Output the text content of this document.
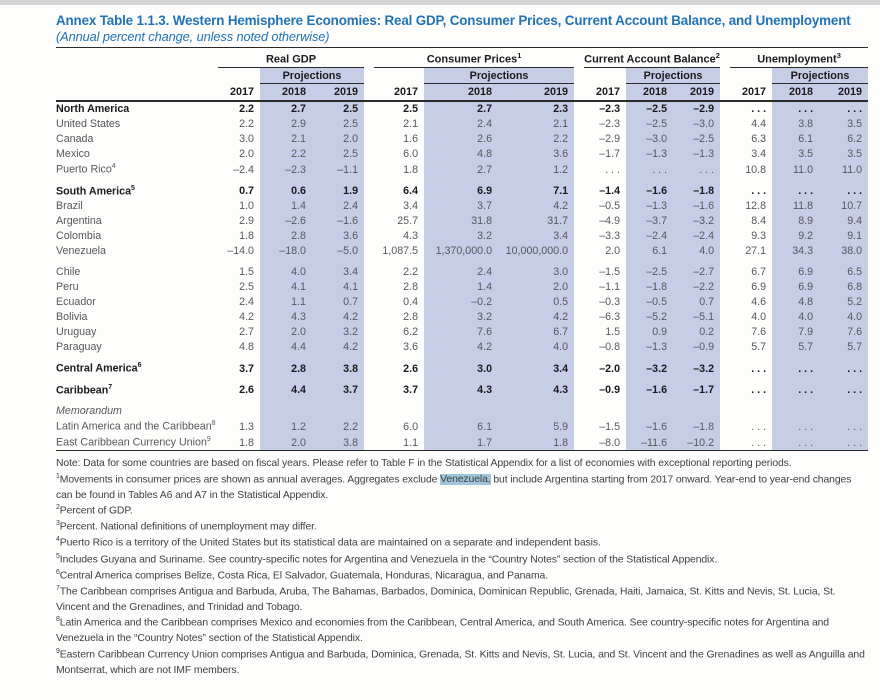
Annex Table 1.1.3. Western Hemisphere Economies: Real GDP, Consumer Prices, Current Account Balance, and Unemployment
(Annual percent change, unless noted otherwise)
		Real GDP				Consumer Prices$^1$				Current Account Balance$^2$				Unemployment$^3$
			Projections				Projections				Projections				Projections	
		2017	2018	2019		2017	2018	2019		2017	2018	2019		2017	2018	2019
North America		2.2	2.7	2.5		2.5	2.7	2.3		–2.3	–2.5	–2.9		. . .	. . .	. . .
United States		2.2	2.9	2.5		2.1	2.4	2.1		–2.3	–2.5	–3.0		4.4	3.8	3.5
Canada		3.0	2.1	2.0		1.6	2.6	2.2		–2.9	–3.0	–2.5		6.3	6.1	6.2
Mexico		2.0	2.2	2.5		6.0	4.8	3.6		–1.7	–1.3	–1.3		3.4	3.5	3.5
Puerto Rico$^4$		–2.4	–2.3	–1.1		1.8	2.7	1.2		. . .	. . .	. . .		10.8	11.0	11.0

South America$^5$		0.7	0.6	1.9		6.4	6.9	7.1		–1.4	–1.6	–1.8		. . .	. . .	. . .
Brazil		1.0	1.4	2.4		3.4	3.7	4.2		–0.5	–1.3	–1.6		12.8	11.8	10.7
Argentina		2.9	–2.6	–1.6		25.7	31.8	31.7		–4.9	–3.7	–3.2		8.4	8.9	9.4
Colombia		1.8	2.8	3.6		4.3	3.2	3.4		–3.3	–2.4	–2.4		9.3	9.2	9.1
Venezuela		–14.0	–18.0	–5.0		1,087.5	1,370,000.0	10,000,000.0		2.0	6.1	4.0		27.1	34.3	38.0

Chile		1.5	4.0	3.4		2.2	2.4	3.0		–1.5	–2.5	–2.7		6.7	6.9	6.5
Peru		2.5	4.1	4.1		2.8	1.4	2.0		–1.1	–1.8	–2.2		6.9	6.9	6.8
Ecuador		2.4	1.1	0.7		0.4	–0.2	0.5		–0.3	–0.5	0.7		4.6	4.8	5.2
Bolivia		4.2	4.3	4.2		2.8	3.2	4.2		–6.3	–5.2	–5.1		4.0	4.0	4.0
Uruguay		2.7	2.0	3.2		6.2	7.6	6.7		1.5	0.9	0.2		7.6	7.9	7.6
Paraguay		4.8	4.4	4.2		3.6	4.2	4.0		–0.8	–1.3	–0.9		5.7	5.7	5.7

Central America$^6$		3.7	2.8	3.8		2.6	3.0	3.4		–2.0	–3.2	–3.2		. . .	. . .	. . .

Caribbean$^7$		2.6	4.4	3.7		3.7	4.3	4.3		–0.9	–1.6	–1.7		. . .	. . .	. . .

Memorandum																
Latin America and the Caribbean$^8$		1.3	1.2	2.2		6.0	6.1	5.9		–1.5	–1.6	–1.8		. . .	. . .	. . .
East Caribbean Currency Union$^9$		1.8	2.0	3.8		1.1	1.7	1.8		–8.0	–11.6	–10.2		. . .	. . .	. . .

Note: Data for some countries are based on fiscal years. Please refer to Table F in the Statistical Appendix for a list of economies with exceptional reporting periods.

$^1$Movements in consumer prices are shown as annual averages. Aggregates exclude Venezuela, but include Argentina starting from 2017 onward. Year-end to year-end changes can be found in Tables A6 and A7 in the Statistical Appendix.

$^2$Percent of GDP.

$^3$Percent. National definitions of unemployment may differ.

$^4$Puerto Rico is a territory of the United States but its statistical data are maintained on a separate and independent basis.

$^5$Includes Guyana and Suriname. See country-specific notes for Argentina and Venezuela in the “Country Notes” section of the Statistical Appendix.

$^6$Central America comprises Belize, Costa Rica, El Salvador, Guatemala, Honduras, Nicaragua, and Panama.

$^7$The Caribbean comprises Antigua and Barbuda, Aruba, The Bahamas, Barbados, Dominica, Dominican Republic, Grenada, Haiti, Jamaica, St. Kitts and Nevis, St. Lucia, St. Vincent and the Grenadines, and Trinidad and Tobago.

$^8$Latin America and the Caribbean comprises Mexico and economies from the Caribbean, Central America, and South America. See country-specific notes for Argentina and Venezuela in the “Country Notes” section of the Statistical Appendix.

$^9$Eastern Caribbean Currency Union comprises Antigua and Barbuda, Dominica, Grenada, St. Kitts and Nevis, St. Lucia, and St. Vincent and the Grenadines as well as Anguilla and Montserrat, which are not IMF members.
